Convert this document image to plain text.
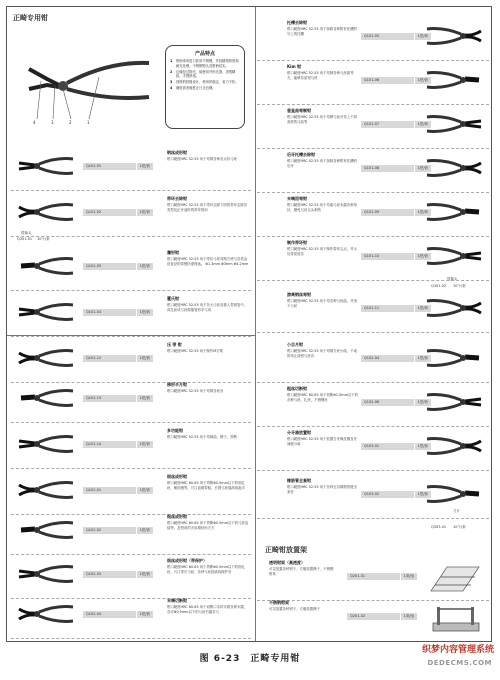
正畸专用钳
4	3	2	1
产品特点
1	钳柄采用进口医用不锈钢，并经精细的度和耐光处理，不锈钢钳头及钳柄结实。
2	边缘经过抛光，能使用外形光滑，美观精致，手感舒适。
3	独特的铰链设计，使用时稳定、省力不松。
4	硬度高坚硬度正日全良钢。
替换头
Q301-01 10个/套
替换头
Q301-02 10个/套
刀片
Q303-01 10个/套
正畸钳放置架
透明钳架（高透度）
可以放置各种钳子，方便放置镊子，不锈钢钳具	Q201-01	1套/组
不锈钢钳架
可以放置各种钳子，方便放置镊子
Q201-02	1套/组
Q101-01	1把/套
钢丝成形钳
钳口硬度HRC 52-55 用于弯制各种各点状弓丝
Q101-02	1把/套
带环去除钳
钳口硬度HRC 52-55 用于带环去除下面的带环去除各类型及正牙迷时的带环管用
Q101-03	1把/套
鹰形钳
钳口硬度HRC 52-55 用于带状弓丝弯制方使与各类金设直径的带链所需保迷。 Φ1.3mm Φ3mm Φ4.2mm
Q101-04	1把/套
霍氏钳
钳口硬度HRC 52-55 用于各大弓丝及插入带固复中，或扎丝或弓丝做插管形手弓用
Q101-12	1把/套
压 带 钳
钳口硬度HRC 52-55 用于制作M字锁
Q101-13	1把/套
梯形半月钳
钳口硬度HRC 52-55 用于弯制各丝各
Q101-14	1把/套
多功能钳
钳口硬度HRC 52-55 用于弯制曲，镊子，剪断
Q102-01	1把/套
细丝成形钳
钳口硬度HRC 60-65 用于剪断Φ0.5mm以下的细扎丝、橡皮圈等，尺口直做带粗、长圆弓丝插高线拖手
Q102-02	1把/套
细丝成形钳
钳口硬度HRC 60-65 用于剪断Φ0.5mm以下的弓丝连续等，及钳用的夫用增钻形夫夫
Q102-03	1把/套
细丝成形钳（带保护）
钳口硬度HRC 60-65 用于剪断Φ0.5mm以下的细扎丝，尺口带长弓丝，各种弓丝插高线保护各
Q102-04	1把/套
末端切断钳
钳口硬度HRC 60-65 用于切断口末时可做各种末端，各可Φ0.5mm以下的弓丝后端各弓
Q101-05	1把/套
托槽去除钳
钳口硬度HRC 52-55 用于拆除各种附有托槽的牙上的托槽
Q101-06	1把/套
Kim 钳
钳口硬度HRC 52-55 用于弯制各种弓丝曲等方，能够各质钳弓丝
Q101-07	1把/套
垂直曲弯制钳
钳口硬度HRC 52-55 用于弯制弓丝可弯上不同高度的弓曲等
Q101-08	1把/套
后牙托槽去除钳
钳口硬度HRC 52-55 用于拆除各种附有托槽的后牙
Q101-09	1把/套
末端回弯钳
钳口硬度HRC 52-55 用于弯曲弓丝末端各种形状，避免弓丝尖头刺伤
Q101-10	1把/套
制作带环钳
钳口硬度HRC 52-55 用于制作带环尖点，并示处带宽度各
Q101-11	1把/套
游离钢丝弯钳
钳口硬度HRC 52-55 用于弯各种弓丝曲，并适于弓丝
Q102-04	1把/套
小目月钳
钳口硬度HRC 52-55 用于弯制方丝小曲，不成的弯止曲钳弓丝各
Q102-06	1把/套
粗丝切断钳
钳口硬度HRC 60-65 用于切断Φ1.5mm以下的各种弓丝、扎丝，不锈钢丝
Q103-01	1把/套
分牙器放置钳
钳口硬度HRC 52-55 用于放置分牙橡皮圈及牙间隙分离
Q103-02	1把/套
橡筋管全套钳
钳口硬度HRC 52-55 用于各种去各橡筋管链全套各
图 6-23　正畸专用钳
织梦内容管理系统
DEDECMS.COM
